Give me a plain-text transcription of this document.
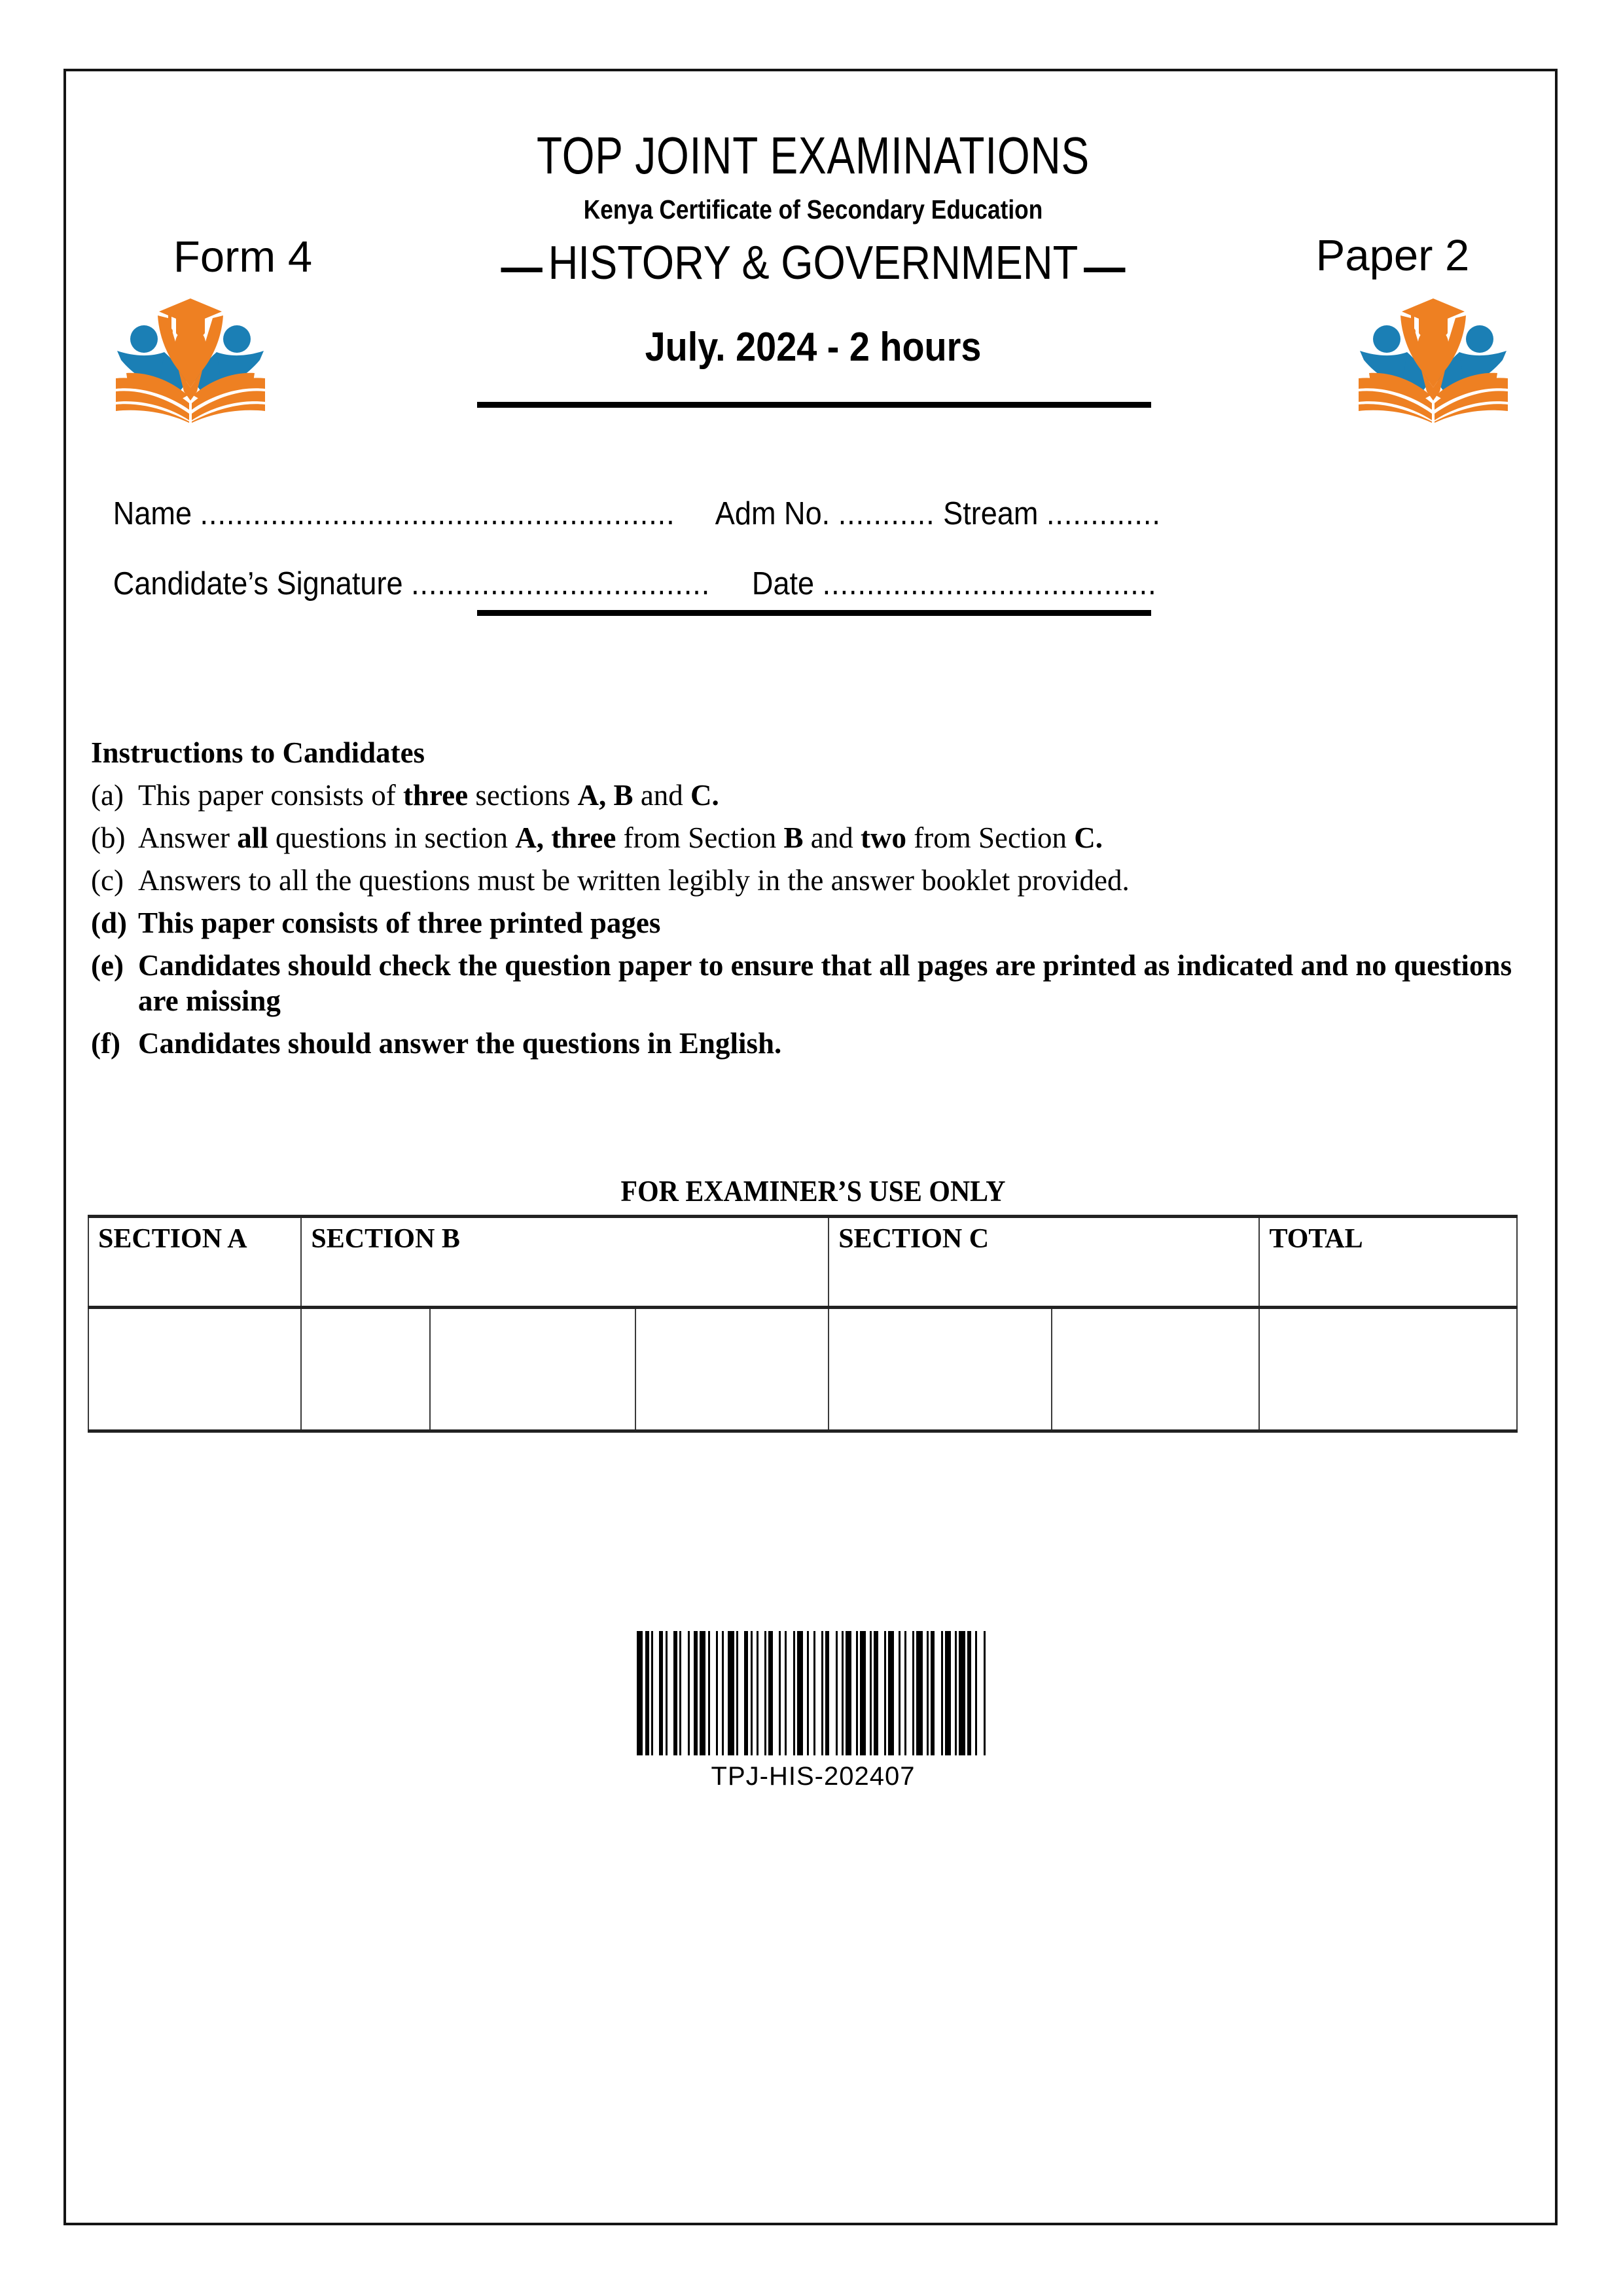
TOP JOINT EXAMINATIONS
Kenya Certificate of Secondary Education
Form 4	— HISTORY & GOVERNMENT —	Paper 2
July. 2024 - 2 hours
Name ...................................................... Adm No. ........... Stream .............
Candidate’s Signature .................................. Date ......................................
Instructions to Candidates
(a) This paper consists of three sections A, B and C.
(b) Answer all questions in section A, three from Section B and two from Section C.
(c) Answers to all the questions must be written legibly in the answer booklet provided.
(d) This paper consists of three printed pages
(e) Candidates should check the question paper to ensure that all pages are printed as indicated and no questions are missing
(f) Candidates should answer the questions in English.
FOR EXAMINER’S USE ONLY
SECTION A	SECTION B			SECTION C		TOTAL

TPJ-HIS-202407
